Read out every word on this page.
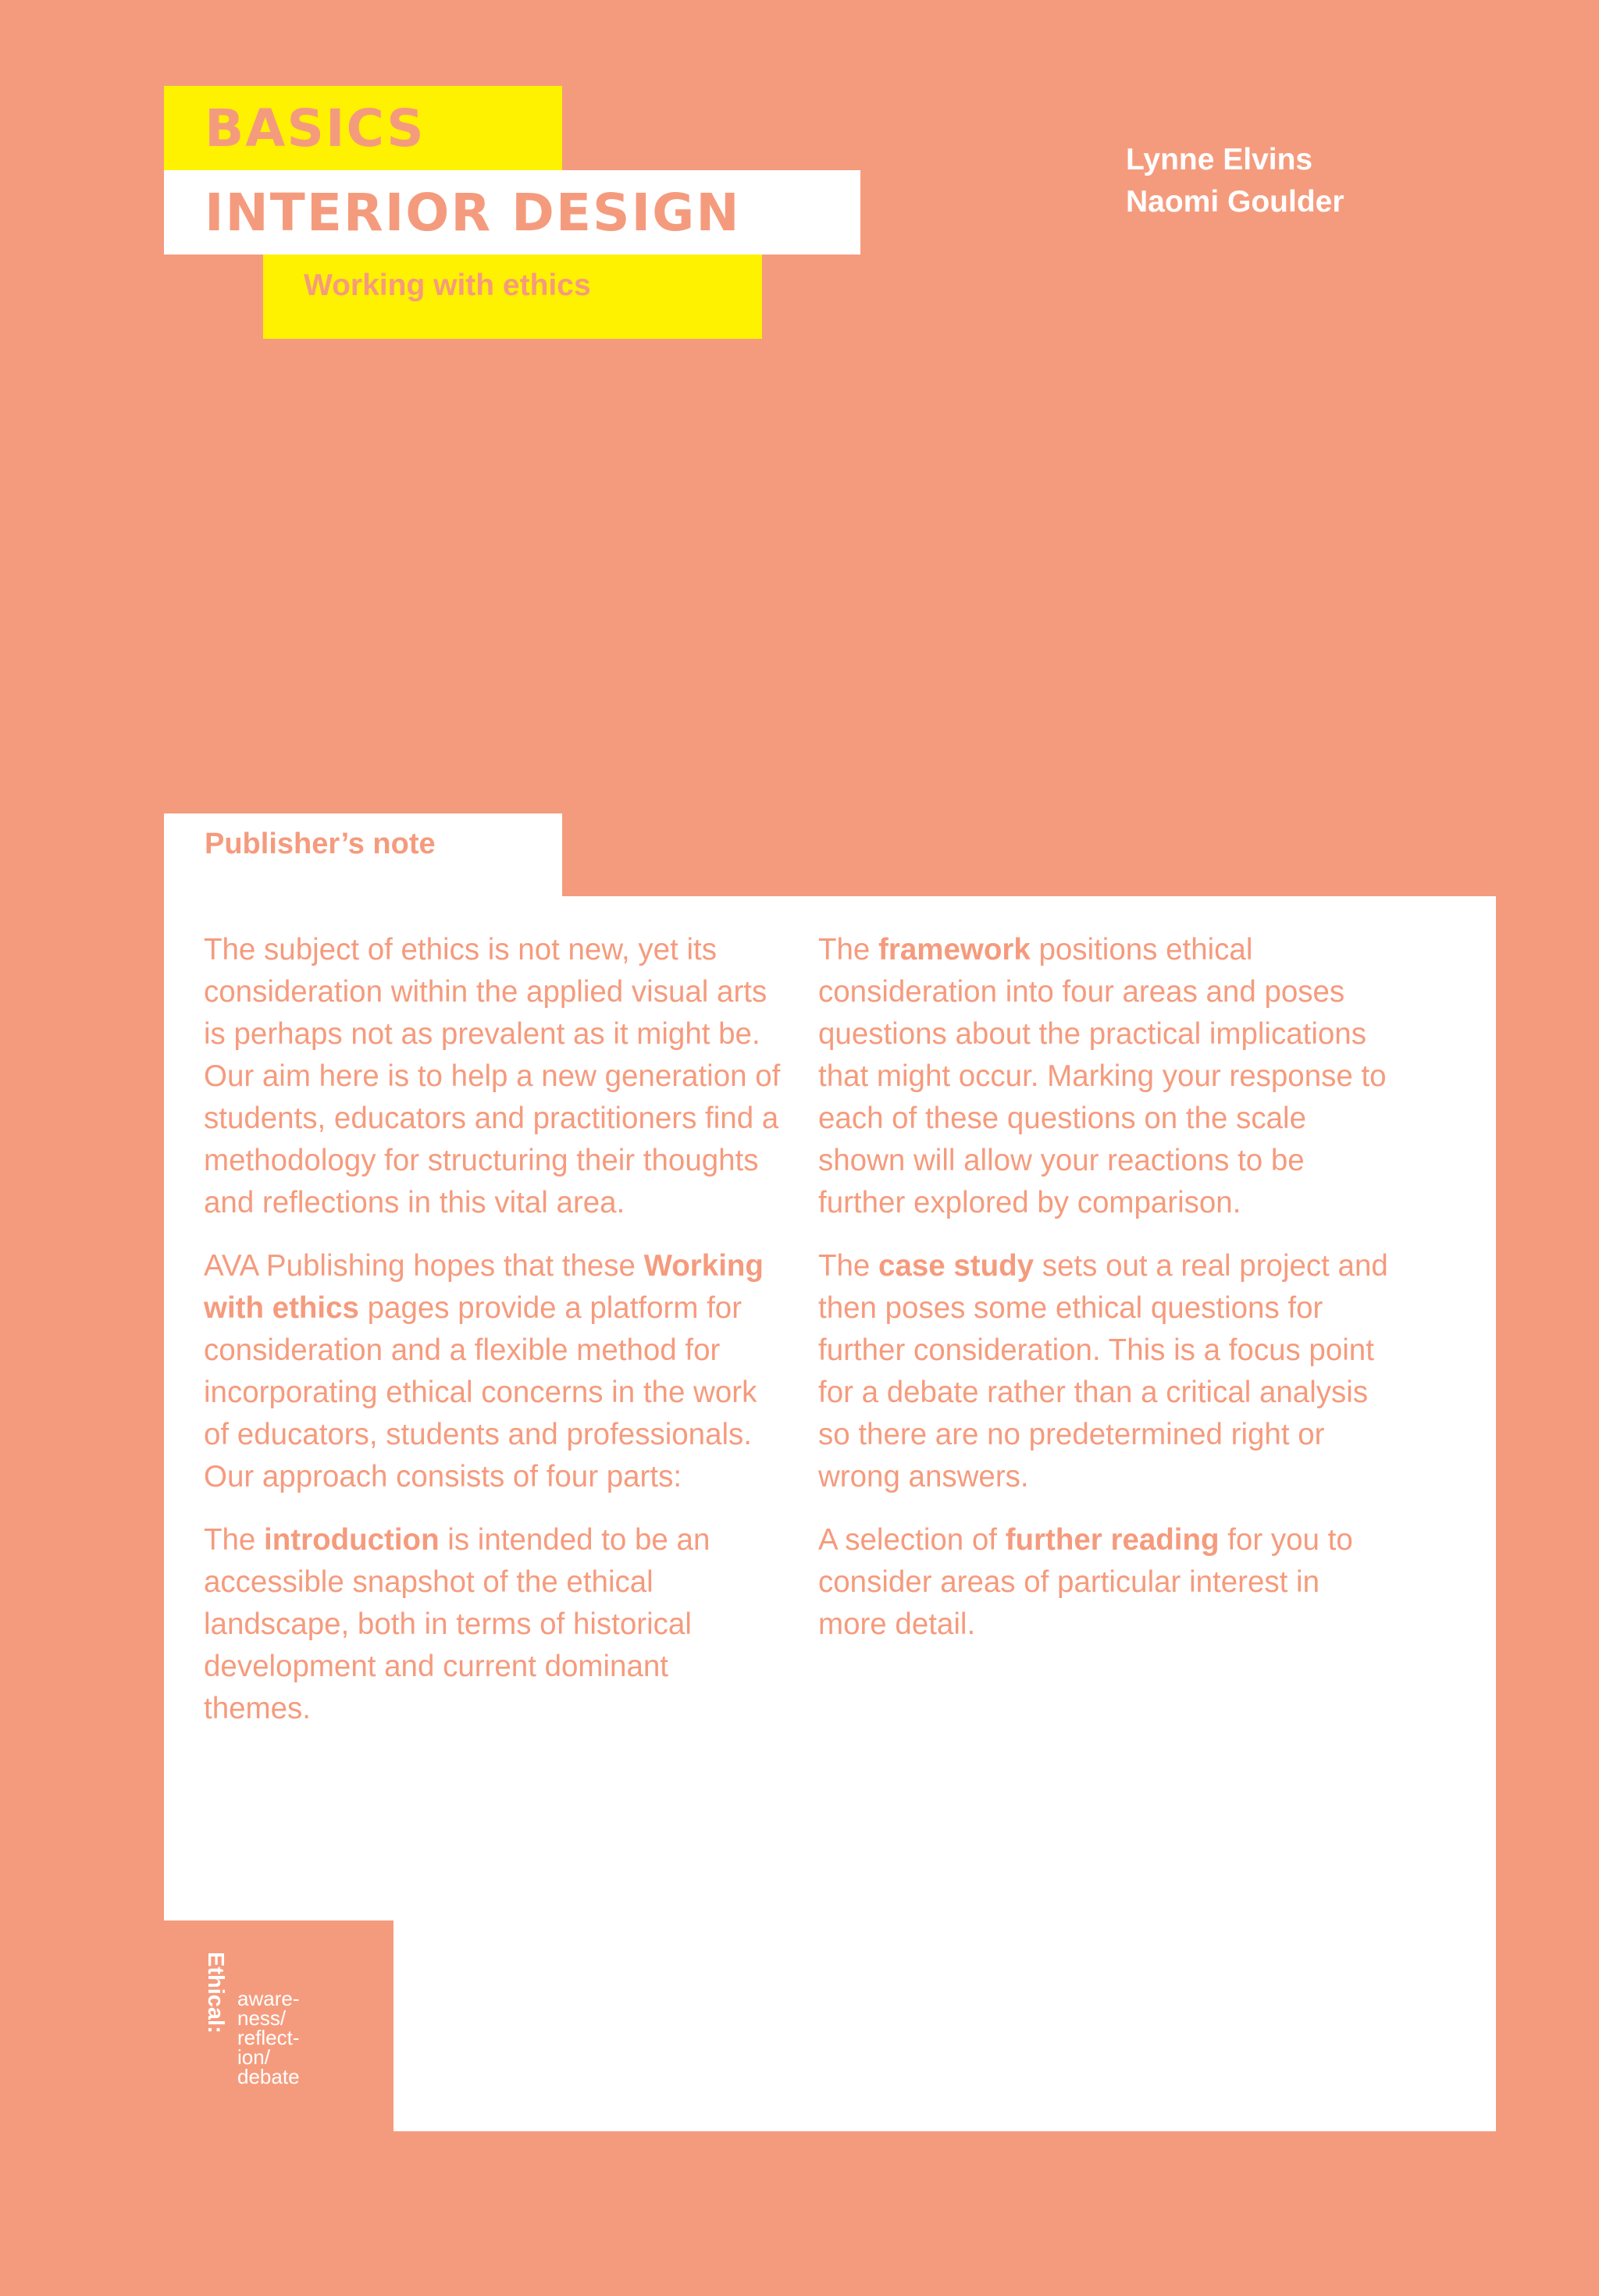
BASICS
INTERIOR DESIGN
Working with ethics
Lynne Elvins
Naomi Goulder
Publisher’s note

The subject of ethics is not new, yet its consideration within the applied visual arts is perhaps not as prevalent as it might be. Our aim here is to help a new generation of students, educators and practitioners find a methodology for structuring their thoughts and reflections in this vital area.

AVA Publishing hopes that these Working with ethics pages provide a platform for consideration and a flexible method for incorporating ethical concerns in the work of educators, students and professionals. Our approach consists of four parts:

The introduction is intended to be an accessible snapshot of the ethical landscape, both in terms of historical development and current dominant themes.

The framework positions ethical consideration into four areas and poses questions about the practical implications that might occur. Marking your response to each of these questions on the scale shown will allow your reactions to be further explored by comparison.

The case study sets out a real project and then poses some ethical questions for further consideration. This is a focus point for a debate rather than a critical analysis so there are no predetermined right or wrong answers.

A selection of further reading for you to consider areas of particular interest in more detail.

Ethical: aware-
ness/
reflect-
ion/
debate
